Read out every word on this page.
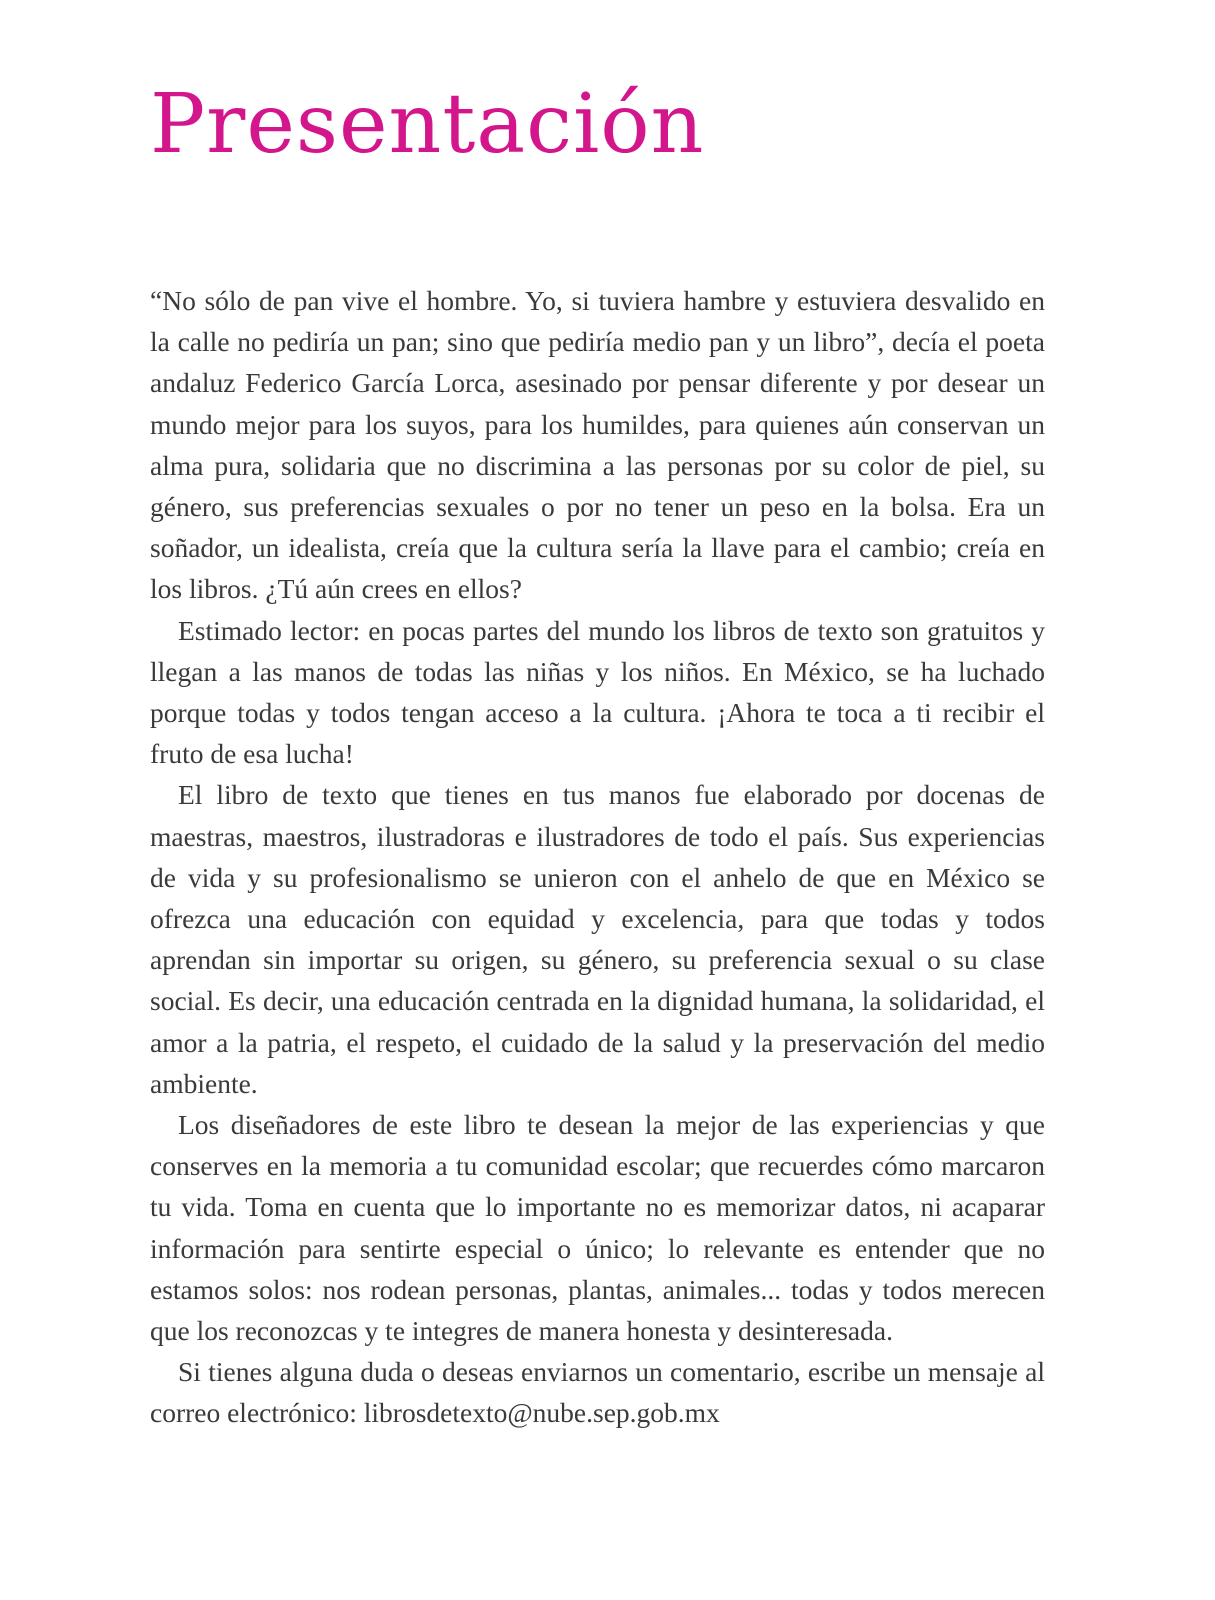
Presentación

“No sólo de pan vive el hombre. Yo, si tuviera hambre y estuviera desvalido en la calle no pediría un pan; sino que pediría medio pan y un libro”, decía el poeta andaluz Federico García Lorca, asesinado por pensar diferente y por desear un mundo mejor para los suyos, para los humildes, para quienes aún conservan un alma pura, solidaria que no discrimina a las personas por su color de piel, su género, sus preferencias sexuales o por no tener un peso en la bolsa. Era un soñador, un idealista, creía que la cultura sería la llave para el cambio; creía en los libros. ¿Tú aún crees en ellos?

Estimado lector: en pocas partes del mundo los libros de texto son gratuitos y llegan a las manos de todas las niñas y los niños. En México, se ha luchado porque todas y todos tengan acceso a la cultura. ¡Ahora te toca a ti recibir el fruto de esa lucha!

El libro de texto que tienes en tus manos fue elaborado por docenas de maestras, maestros, ilustradoras e ilustradores de todo el país. Sus experiencias de vida y su profesionalismo se unieron con el anhelo de que en México se ofrezca una educación con equidad y excelencia, para que todas y todos aprendan sin importar su origen, su género, su preferencia sexual o su clase social. Es decir, una educación centrada en la dignidad humana, la solidaridad, el amor a la patria, el respeto, el cuidado de la salud y la preservación del medio ambiente.

Los diseñadores de este libro te desean la mejor de las experiencias y que conserves en la memoria a tu comunidad escolar; que recuerdes cómo marcaron tu vida. Toma en cuenta que lo importante no es memorizar datos, ni acaparar información para sentirte especial o único; lo relevante es entender que no estamos solos: nos rodean personas, plantas, animales... todas y todos merecen que los reconozcas y te integres de manera honesta y desinteresada.

Si tienes alguna duda o deseas enviarnos un comentario, escribe un mensaje al correo electrónico: librosdetexto@nube.sep.gob.mx
